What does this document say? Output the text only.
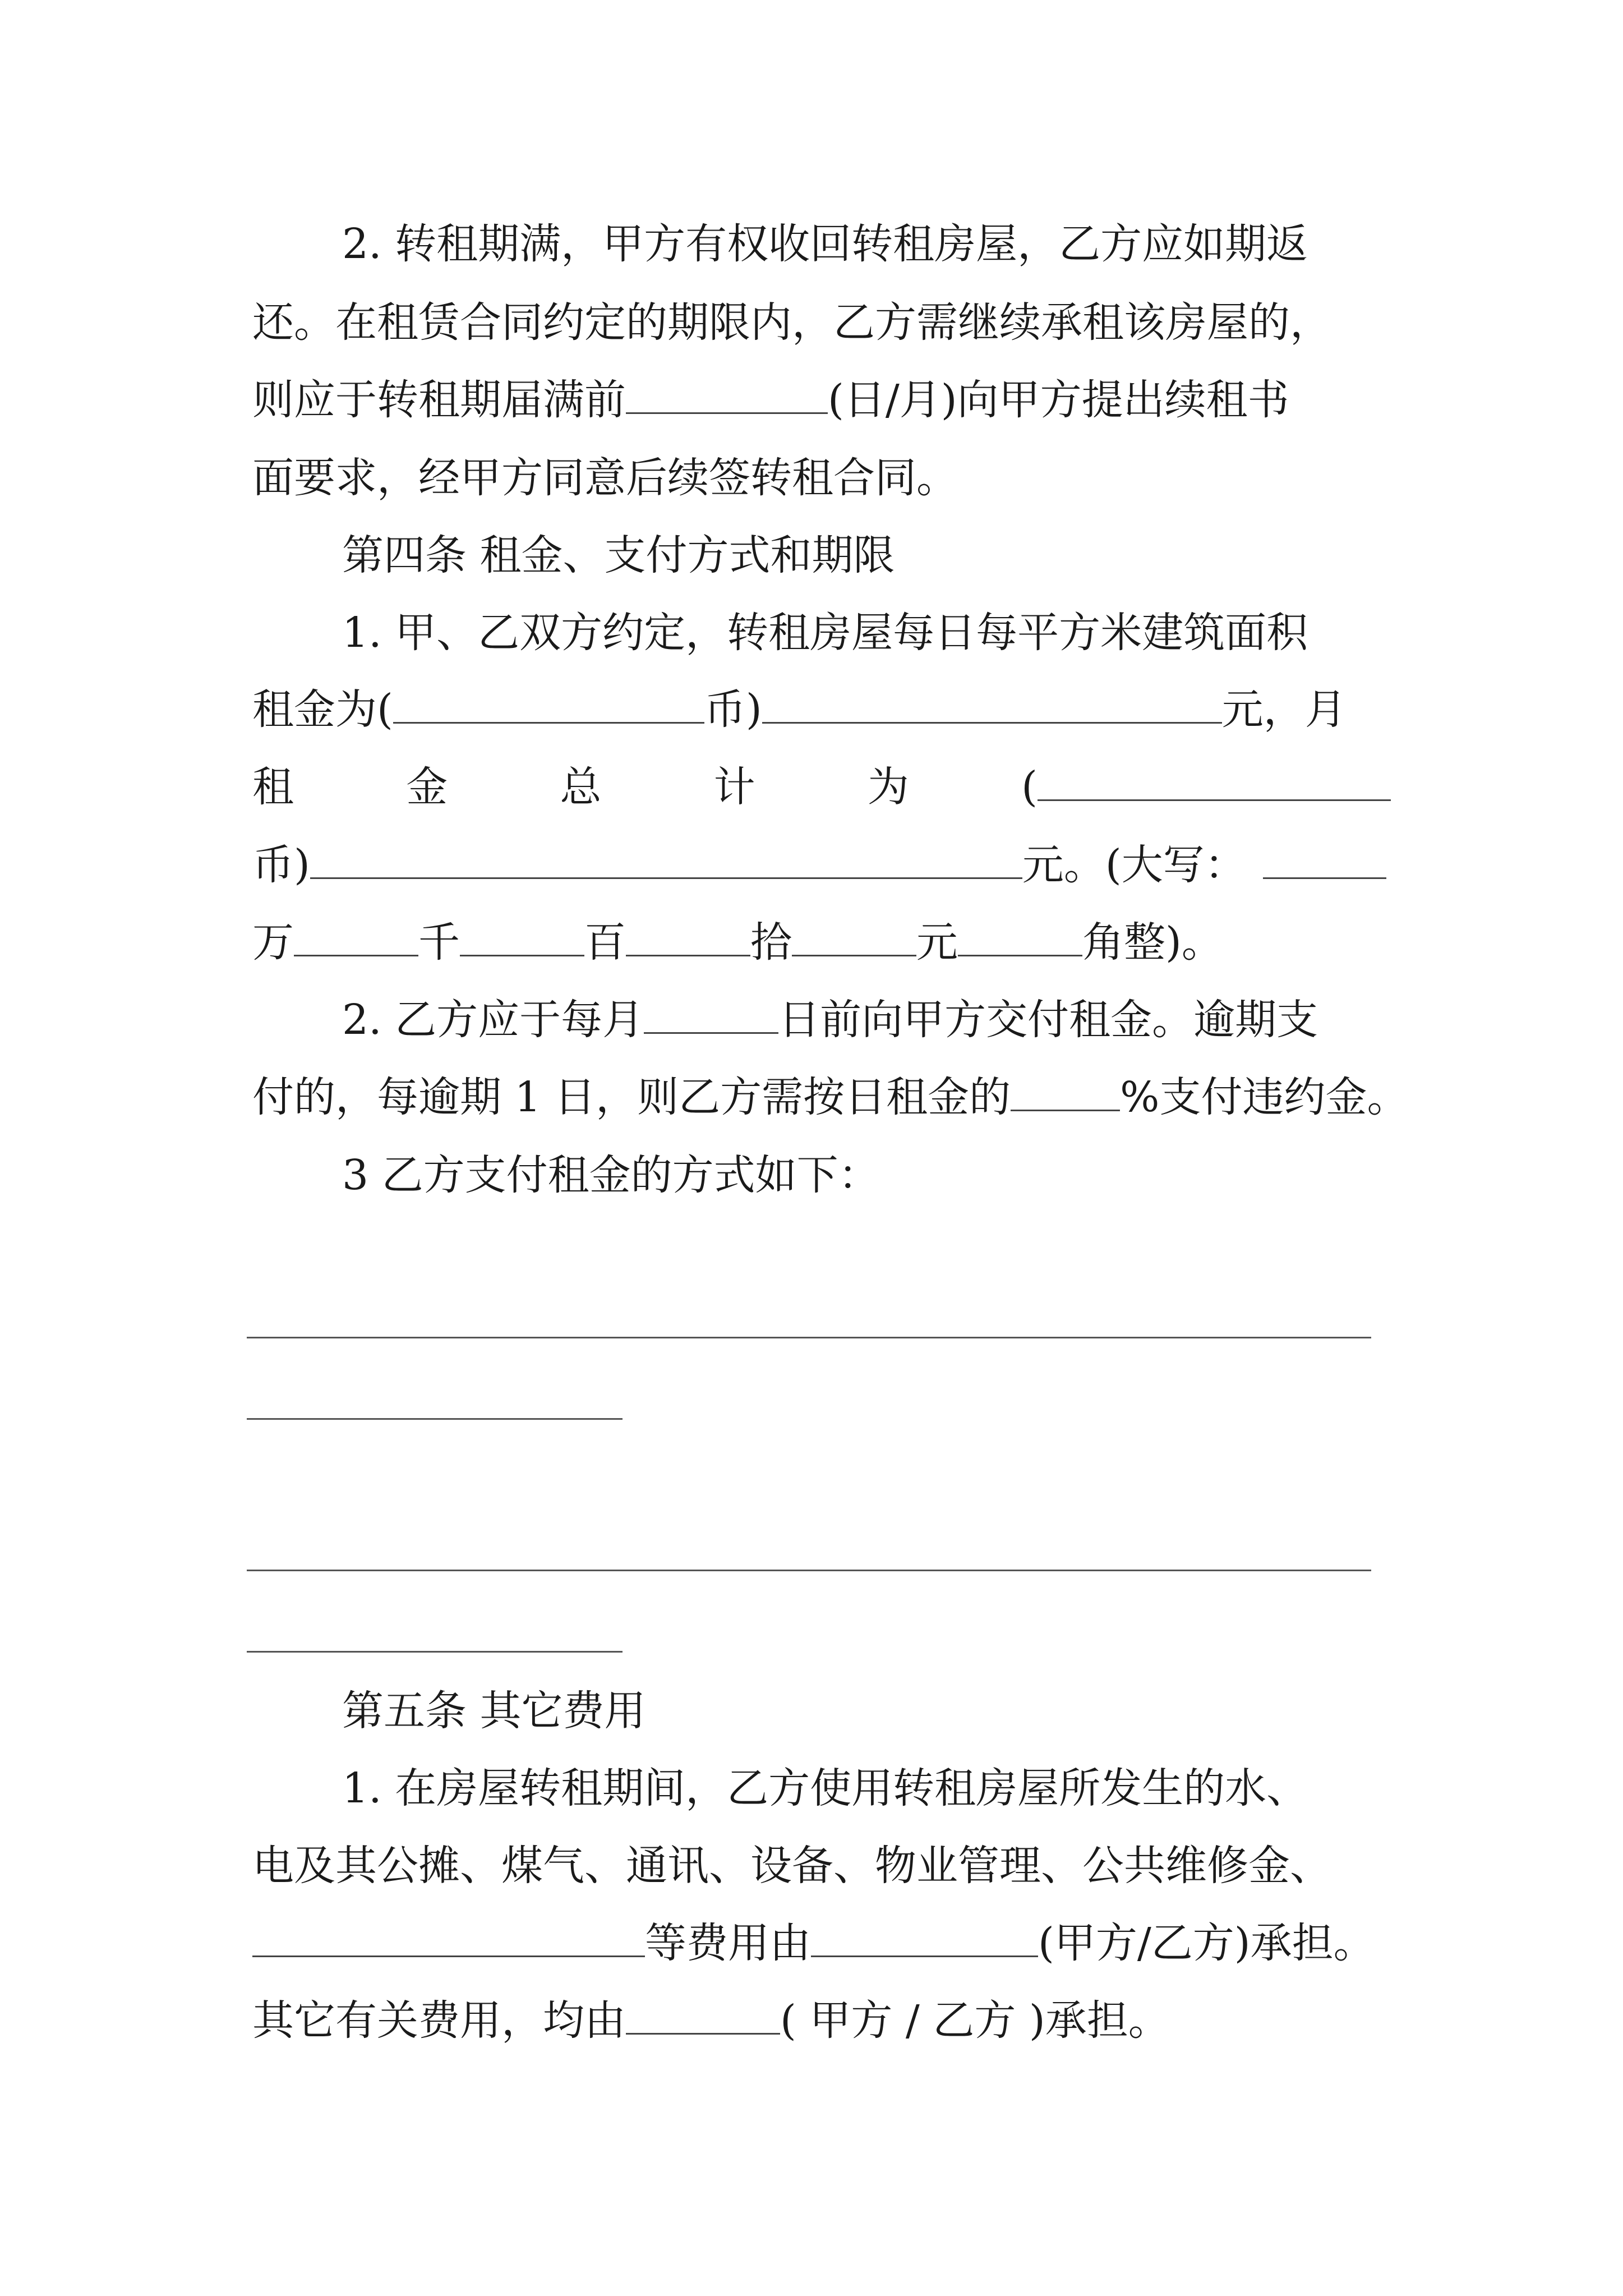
2. 转租期满，甲方有权收回转租房屋，乙方应如期返

还。在租赁合同约定的期限内，乙方需继续承租该房屋的，

则应于转租期届满前	(日/月)向甲方提出续租书

面要求，经甲方同意后续签转租合同。

第四条 租金、支付方式和期限

1. 甲、乙双方约定，转租房屋每日每平方米建筑面积

租金为(	币)	元，月

租	金	总	计	为	(

币)	元。(大写：

万	千	百	拾	元	角整)。

2. 乙方应于每月	日前向甲方交付租金。逾期支

付的，每逾期 1 日，则乙方需按日租金的	%支付违约金。

3 乙方支付租金的方式如下：

第五条 其它费用

1. 在房屋转租期间，乙方使用转租房屋所发生的水、

电及其公摊、煤气、通讯、设备、物业管理、公共维修金、

等费用由	(甲方/乙方)承担。

其它有关费用，均由	( 甲方 / 乙方 )承担。
